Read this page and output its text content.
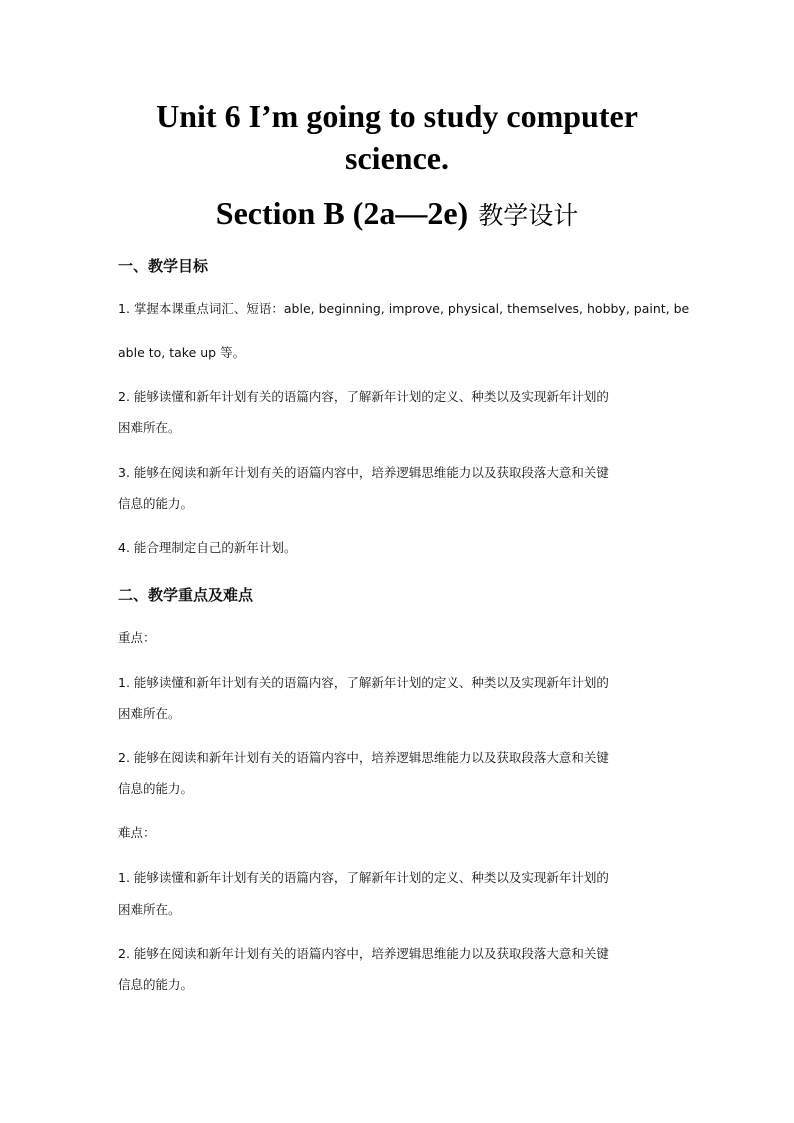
Unit 6 I’m going to study computer
science.
Section B (2a—2e) 教学设计
一、教学目标
1. 掌握本课重点词汇、短语：able, beginning, improve, physical, themselves, hobby, paint, be
able to, take up 等。
2. 能够读懂和新年计划有关的语篇内容，了解新年计划的定义、种类以及实现新年计划的
困难所在。
3. 能够在阅读和新年计划有关的语篇内容中，培养逻辑思维能力以及获取段落大意和关键
信息的能力。
4. 能合理制定自己的新年计划。
二、教学重点及难点
重点：
1. 能够读懂和新年计划有关的语篇内容，了解新年计划的定义、种类以及实现新年计划的
困难所在。
2. 能够在阅读和新年计划有关的语篇内容中，培养逻辑思维能力以及获取段落大意和关键
信息的能力。
难点：
1. 能够读懂和新年计划有关的语篇内容，了解新年计划的定义、种类以及实现新年计划的
困难所在。
2. 能够在阅读和新年计划有关的语篇内容中，培养逻辑思维能力以及获取段落大意和关键
信息的能力。
